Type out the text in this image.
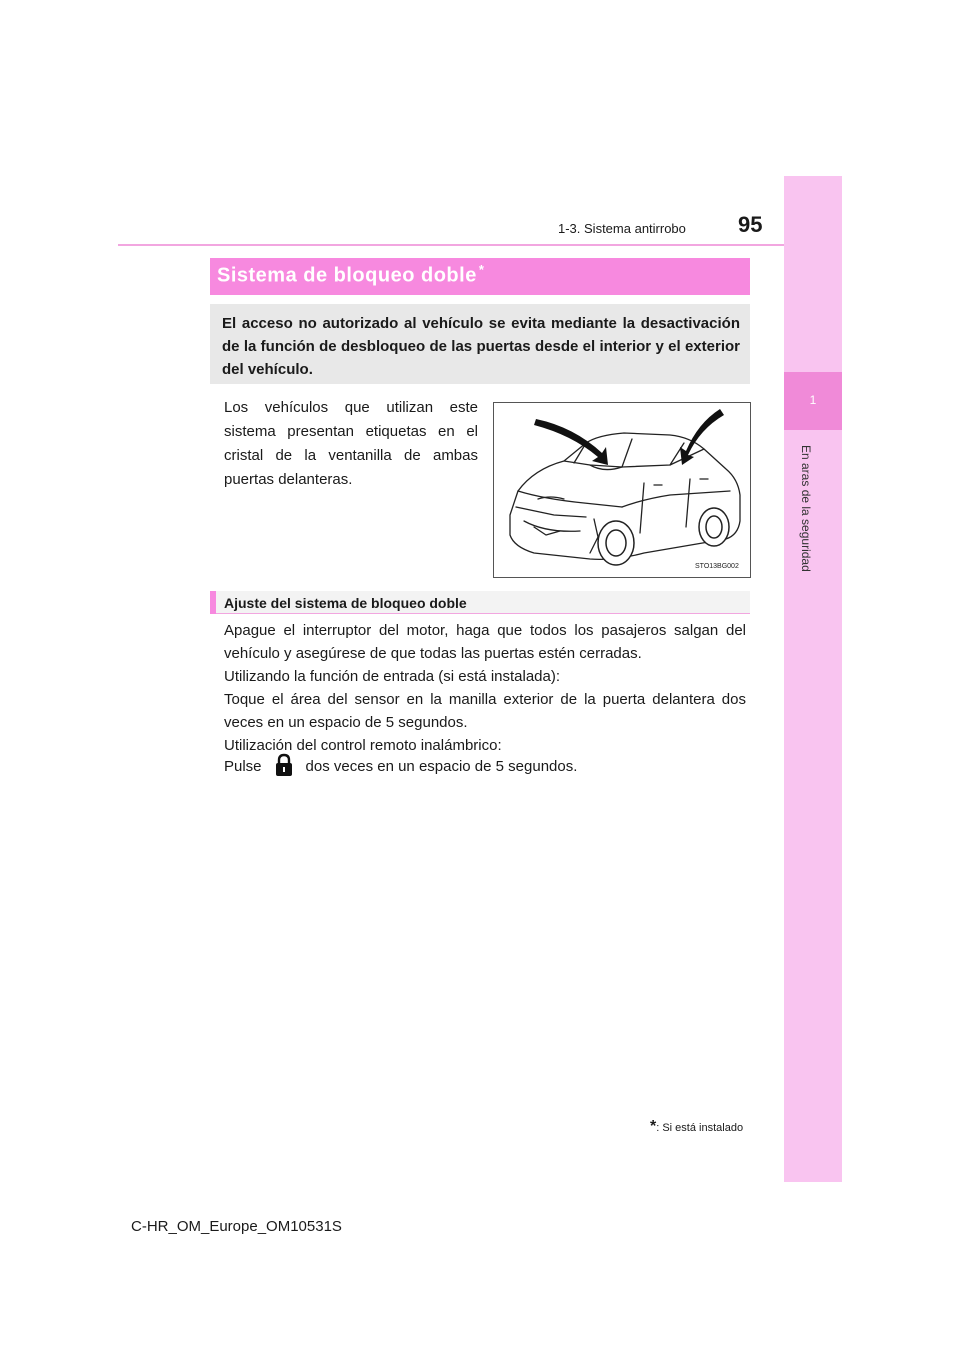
1
En aras de la seguridad
1-3. Sistema antirrobo 95
Sistema de bloqueo doble *
El acceso no autorizado al vehículo se evita mediante la desactivación de la función de desbloqueo de las puertas desde el interior y el exterior del vehículo.
Los vehículos que utilizan este sistema presentan etiquetas en el cristal de la ventanilla de ambas puertas delanteras.
STO13BG002
Ajuste del sistema de bloqueo doble
Apague el interruptor del motor, haga que todos los pasajeros salgan del vehículo y asegúrese de que todas las puertas estén cerradas.
Utilizando la función de entrada (si está instalada):
Toque el área del sensor en la manilla exterior de la puerta delantera dos veces en un espacio de 5 segundos.
Utilización del control remoto inalámbrico:
Pulse	dos veces en un espacio de 5 segundos.
*: Si está instalado
C-HR_OM_Europe_OM10531S
